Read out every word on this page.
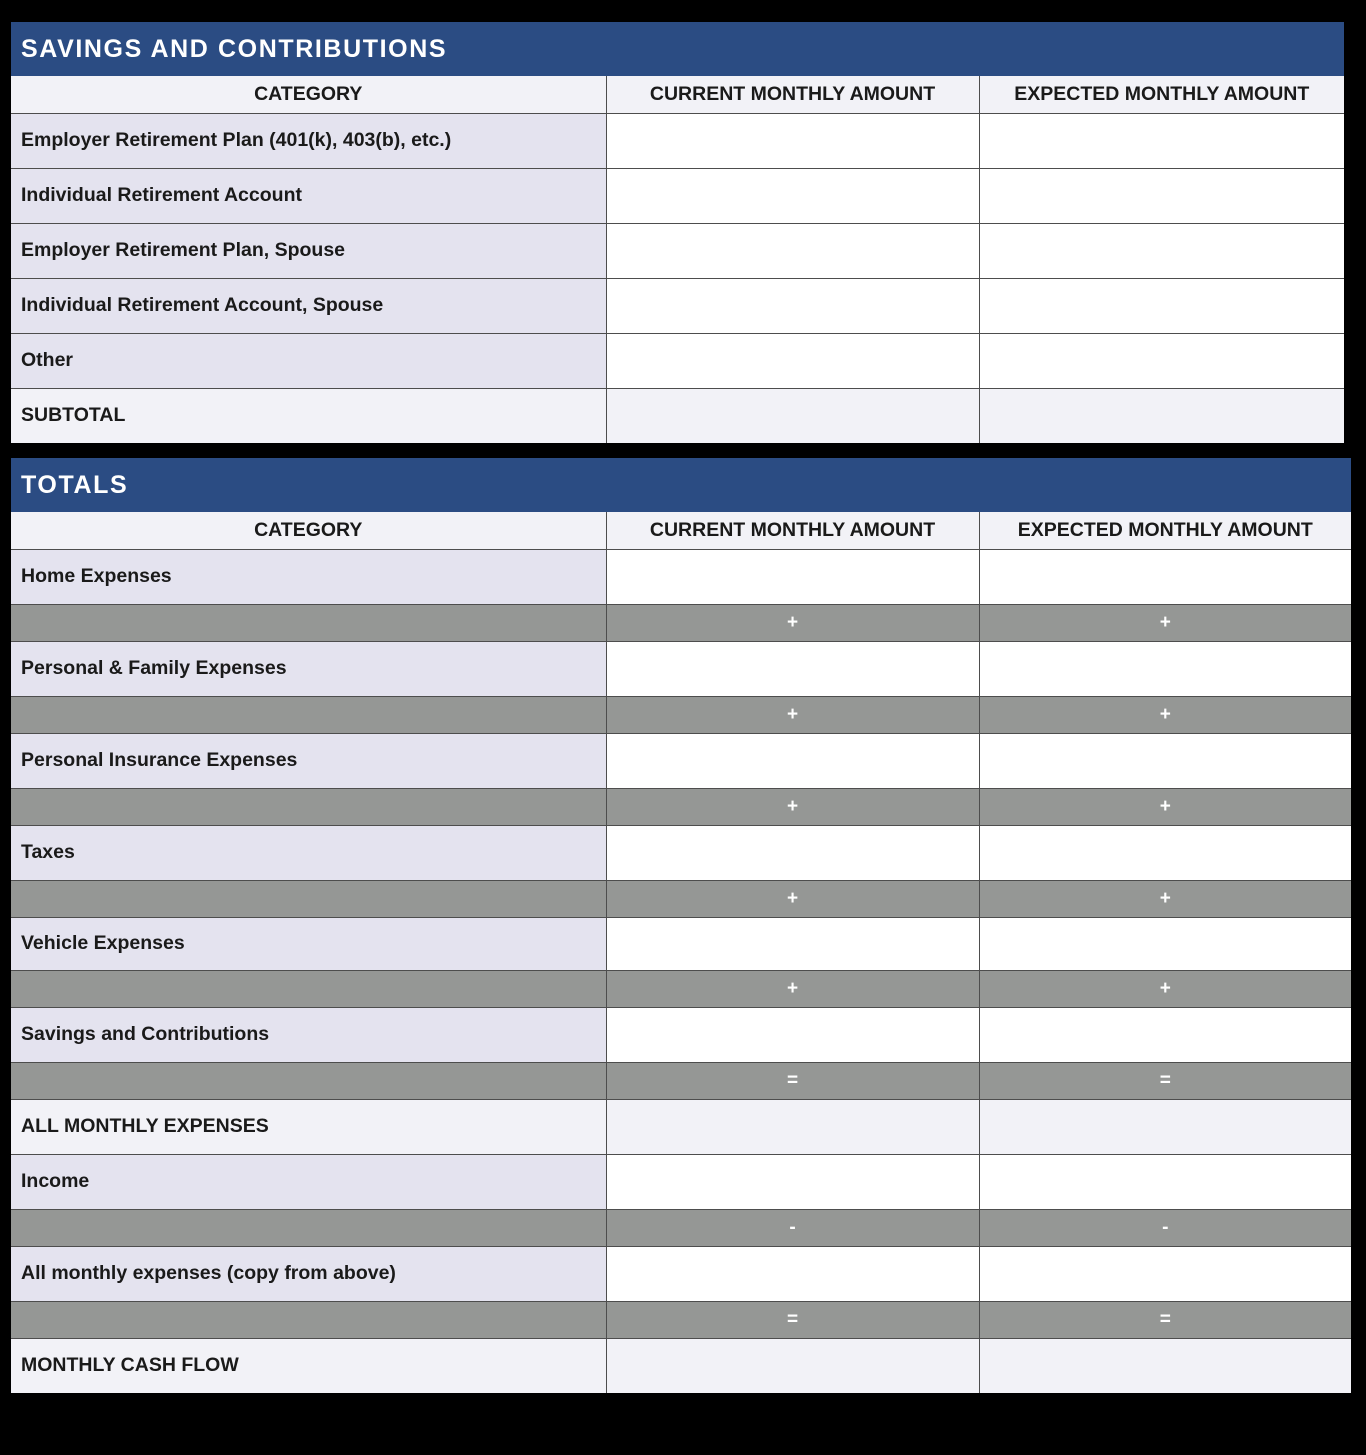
SAVINGS AND CONTRIBUTIONS
CATEGORY	CURRENT MONTHLY AMOUNT	EXPECTED MONTHLY AMOUNT
Employer Retirement Plan (401(k), 403(b), etc.)		
Individual Retirement Account		
Employer Retirement Plan, Spouse		
Individual Retirement Account, Spouse		
Other		
SUBTOTAL		
TOTALS
CATEGORY	CURRENT MONTHLY AMOUNT	EXPECTED MONTHLY AMOUNT
Home Expenses		
	+	+
Personal & Family Expenses		
	+	+
Personal Insurance Expenses		
	+	+
Taxes		
	+	+
Vehicle Expenses		
	+	+
Savings and Contributions		
	=	=
ALL MONTHLY EXPENSES		
Income		
	-	-
All monthly expenses (copy from above)		
	=	=
MONTHLY CASH FLOW		
